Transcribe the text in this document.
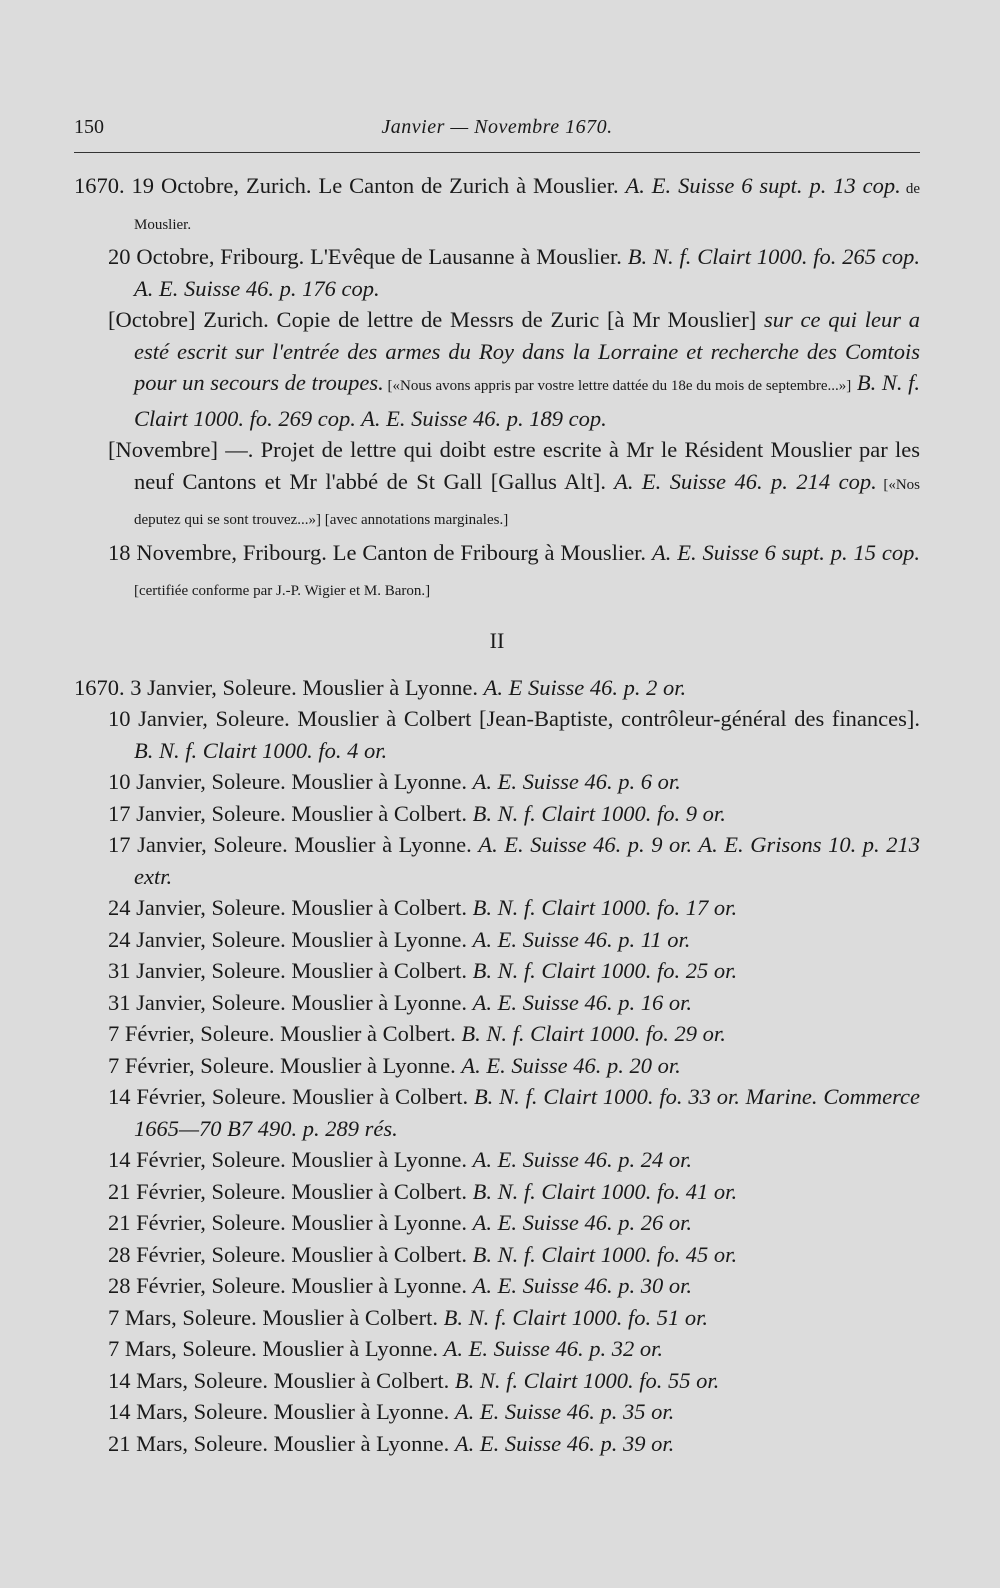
150	Janvier — Novembre 1670.

1670. 19 Octobre, Zurich. Le Canton de Zurich à Mouslier. A. E. Suisse 6 supt. p. 13 cop. de Mouslier.

20 Octobre, Fribourg. L'Evêque de Lausanne à Mouslier. B. N. f. Clairt 1000. fo. 265 cop. A. E. Suisse 46. p. 176 cop.

[Octobre] Zurich. Copie de lettre de Messrs de Zuric [à Mr Mouslier] sur ce qui leur a esté escrit sur l'entrée des armes du Roy dans la Lorraine et recherche des Comtois pour un secours de troupes. [«Nous avons appris par vostre lettre dattée du 18e du mois de septembre...»] B. N. f. Clairt 1000. fo. 269 cop. A. E. Suisse 46. p. 189 cop.

[Novembre] —. Projet de lettre qui doibt estre escrite à Mr le Résident Mouslier par les neuf Cantons et Mr l'abbé de St Gall [Gallus Alt]. A. E. Suisse 46. p. 214 cop. [«Nos deputez qui se sont trouvez...»] [avec annotations marginales.]

18 Novembre, Fribourg. Le Canton de Fribourg à Mouslier. A. E. Suisse 6 supt. p. 15 cop. [certifiée conforme par J.-P. Wigier et M. Baron.]

II

1670. 3 Janvier, Soleure. Mouslier à Lyonne. A. E Suisse 46. p. 2 or.

10 Janvier, Soleure. Mouslier à Colbert [Jean-Baptiste, contrôleur-général des finances]. B. N. f. Clairt 1000. fo. 4 or.

10 Janvier, Soleure. Mouslier à Lyonne. A. E. Suisse 46. p. 6 or.

17 Janvier, Soleure. Mouslier à Colbert. B. N. f. Clairt 1000. fo. 9 or.

17 Janvier, Soleure. Mouslier à Lyonne. A. E. Suisse 46. p. 9 or. A. E. Grisons 10. p. 213 extr.

24 Janvier, Soleure. Mouslier à Colbert. B. N. f. Clairt 1000. fo. 17 or.

24 Janvier, Soleure. Mouslier à Lyonne. A. E. Suisse 46. p. 11 or.

31 Janvier, Soleure. Mouslier à Colbert. B. N. f. Clairt 1000. fo. 25 or.

31 Janvier, Soleure. Mouslier à Lyonne. A. E. Suisse 46. p. 16 or.

7 Février, Soleure. Mouslier à Colbert. B. N. f. Clairt 1000. fo. 29 or.

7 Février, Soleure. Mouslier à Lyonne. A. E. Suisse 46. p. 20 or.

14 Février, Soleure. Mouslier à Colbert. B. N. f. Clairt 1000. fo. 33 or. Marine. Commerce 1665—70 B7 490. p. 289 rés.

14 Février, Soleure. Mouslier à Lyonne. A. E. Suisse 46. p. 24 or.

21 Février, Soleure. Mouslier à Colbert. B. N. f. Clairt 1000. fo. 41 or.

21 Février, Soleure. Mouslier à Lyonne. A. E. Suisse 46. p. 26 or.

28 Février, Soleure. Mouslier à Colbert. B. N. f. Clairt 1000. fo. 45 or.

28 Février, Soleure. Mouslier à Lyonne. A. E. Suisse 46. p. 30 or.

7 Mars, Soleure. Mouslier à Colbert. B. N. f. Clairt 1000. fo. 51 or.

7 Mars, Soleure. Mouslier à Lyonne. A. E. Suisse 46. p. 32 or.

14 Mars, Soleure. Mouslier à Colbert. B. N. f. Clairt 1000. fo. 55 or.

14 Mars, Soleure. Mouslier à Lyonne. A. E. Suisse 46. p. 35 or.

21 Mars, Soleure. Mouslier à Lyonne. A. E. Suisse 46. p. 39 or.
